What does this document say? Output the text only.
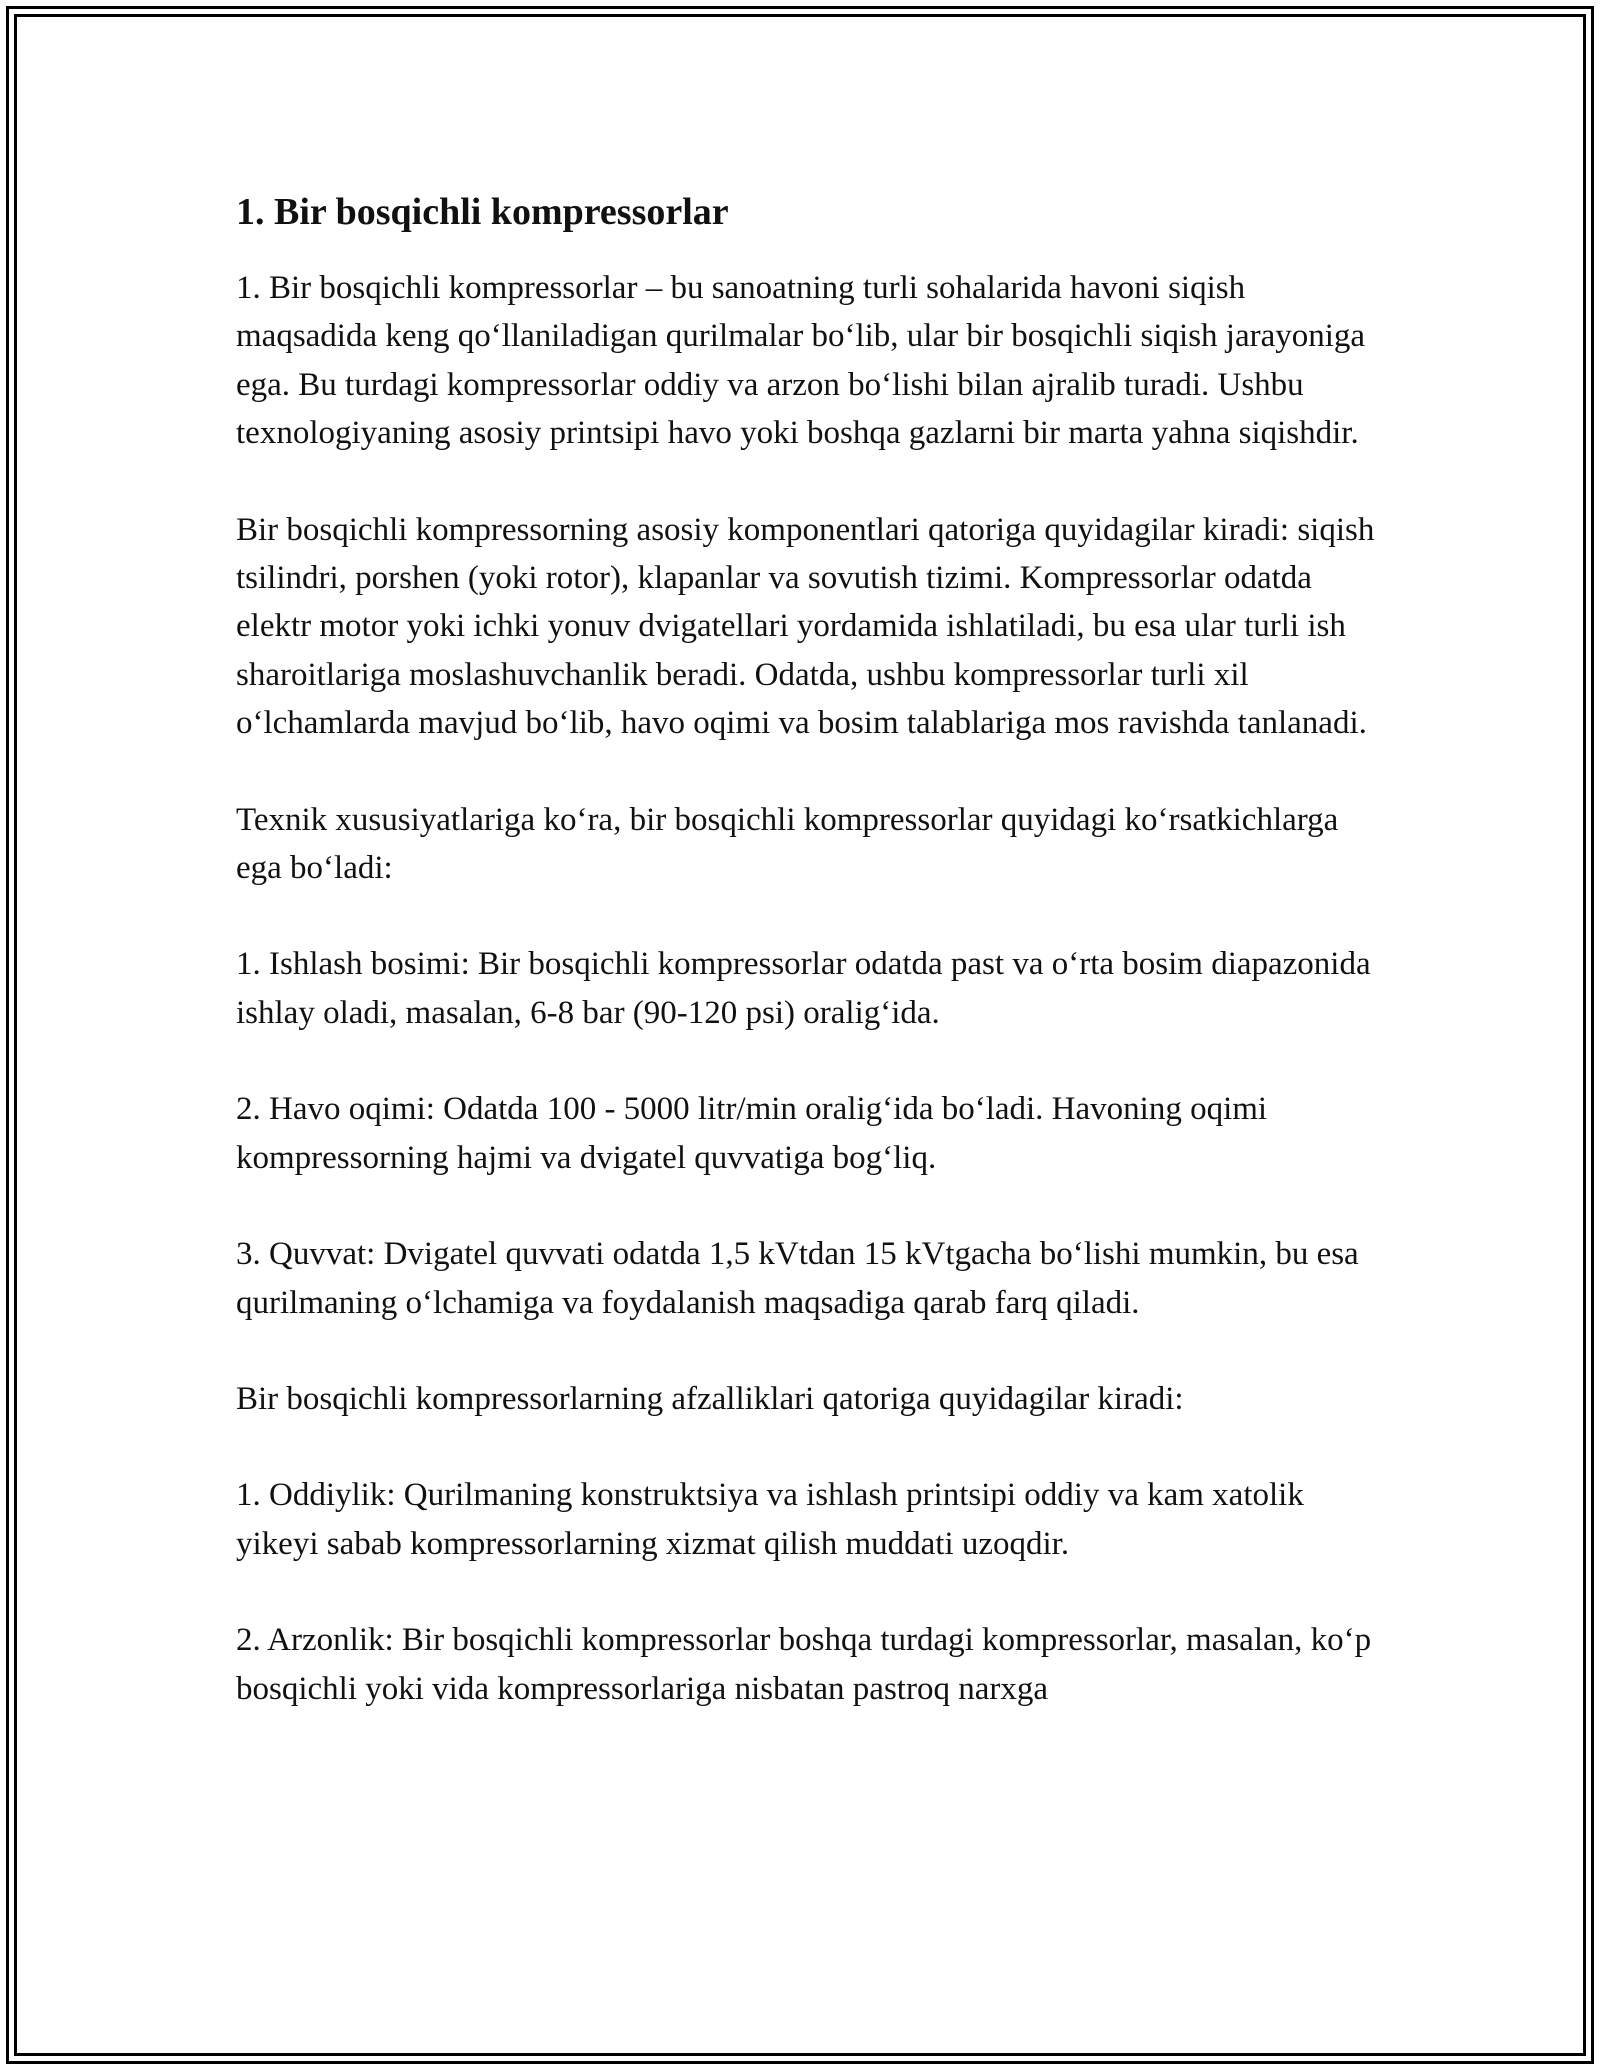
1. Bir bosqichli kompressorlar

1. Bir bosqichli kompressorlar – bu sanoatning turli sohalarida havoni siqish maqsadida keng qo‘llaniladigan qurilmalar bo‘lib, ular bir bosqichli siqish jarayoniga ega. Bu turdagi kompressorlar oddiy va arzon bo‘lishi bilan ajralib turadi. Ushbu texnologiyaning asosiy printsipi havo yoki boshqa gazlarni bir marta yahna siqishdir.

Bir bosqichli kompressorning asosiy komponentlari qatoriga quyidagilar kiradi: siqish tsilindri, porshen (yoki rotor), klapanlar va sovutish tizimi. Kompressorlar odatda elektr motor yoki ichki yonuv dvigatellari yordamida ishlatiladi, bu esa ular turli ish sharoitlariga moslashuvchanlik beradi. Odatda, ushbu kompressorlar turli xil o‘lchamlarda mavjud bo‘lib, havo oqimi va bosim talablariga mos ravishda tanlanadi.

Texnik xususiyatlariga ko‘ra, bir bosqichli kompressorlar quyidagi ko‘rsatkichlarga ega bo‘ladi:

1. Ishlash bosimi: Bir bosqichli kompressorlar odatda past va o‘rta bosim diapazonida ishlay oladi, masalan, 6-8 bar (90-120 psi) oralig‘ida.

2. Havo oqimi: Odatda 100 - 5000 litr/min oralig‘ida bo‘ladi. Havoning oqimi kompressorning hajmi va dvigatel quvvatiga bog‘liq.

3. Quvvat: Dvigatel quvvati odatda 1,5 kVtdan 15 kVtgacha bo‘lishi mumkin, bu esa qurilmaning o‘lchamiga va foydalanish maqsadiga qarab farq qiladi.

Bir bosqichli kompressorlarning afzalliklari qatoriga quyidagilar kiradi:

1. Oddiylik: Qurilmaning konstruktsiya va ishlash printsipi oddiy va kam xatolik yikeyi sabab kompressorlarning xizmat qilish muddati uzoqdir.

2. Arzonlik: Bir bosqichli kompressorlar boshqa turdagi kompressorlar, masalan, ko‘p bosqichli yoki vida kompressorlariga nisbatan pastroq narxga
